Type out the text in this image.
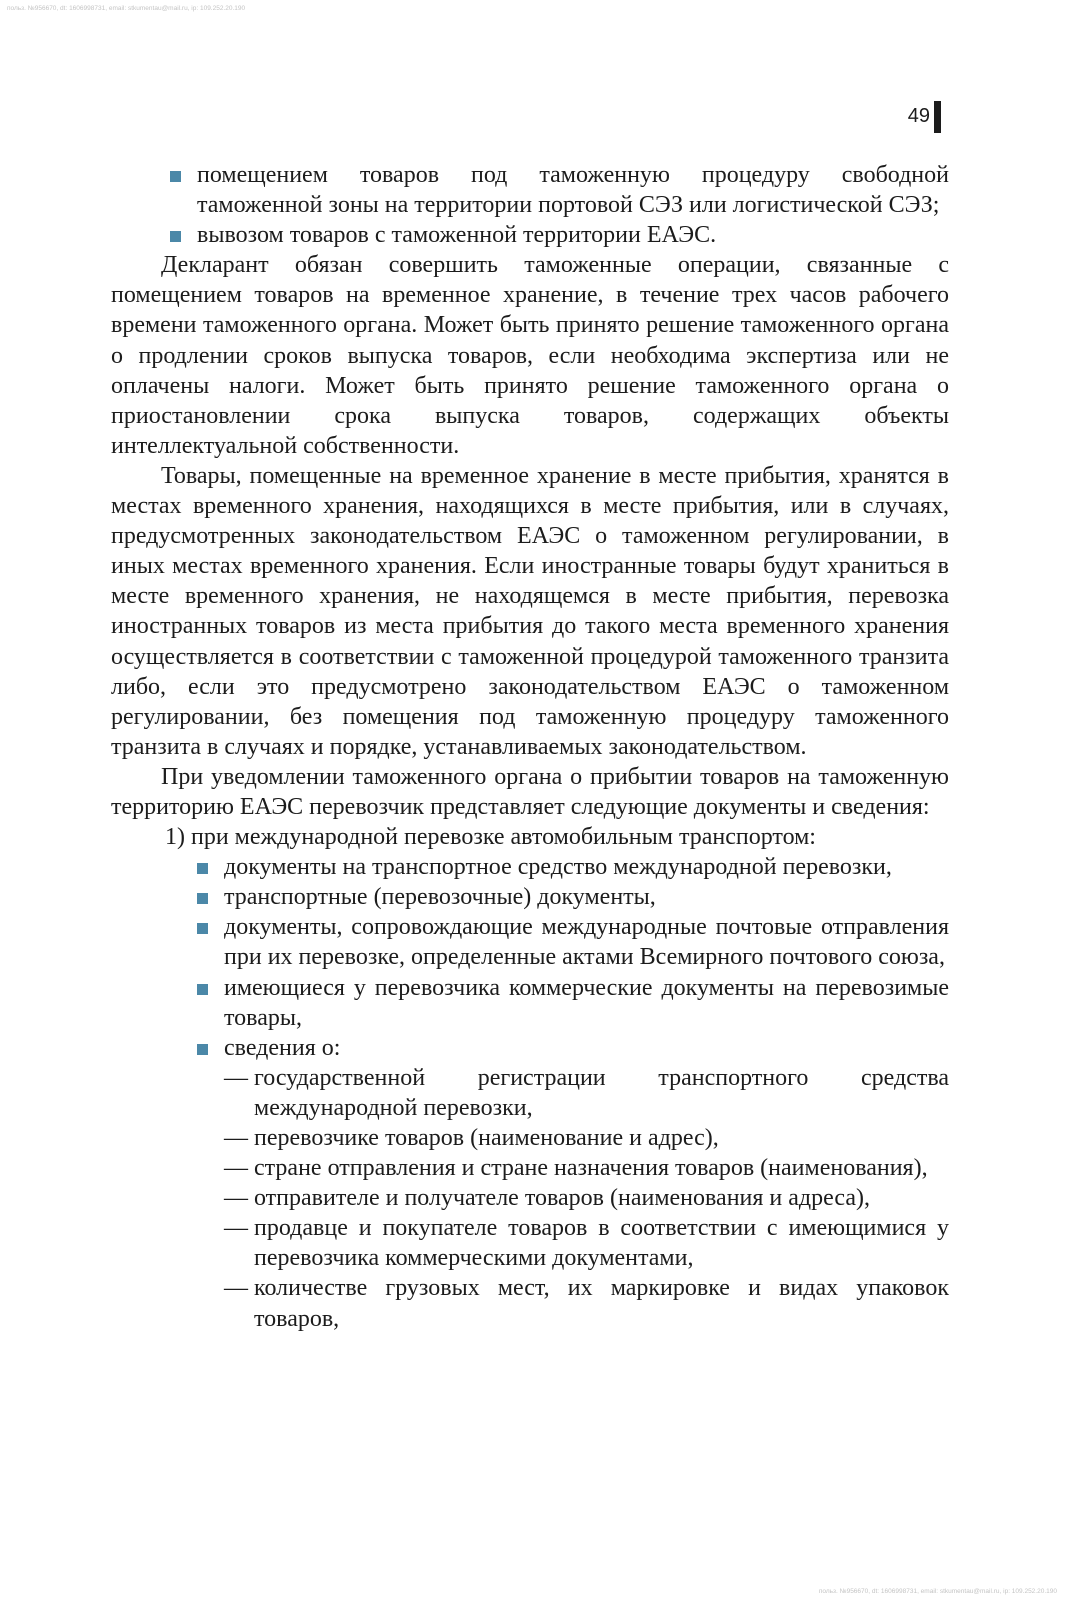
польз. №956670, dt: 1606998731, email: stkumentau@mail.ru, ip: 109.252.20.190
49
помещением товаров под таможенную процедуру свободной таможенной зоны на территории портовой СЭЗ или логистической СЭЗ;
вывозом товаров с таможенной территории ЕАЭС.

Декларант обязан совершить таможенные операции, связанные с помещением товаров на временное хранение, в течение трех часов рабочего времени таможенного органа. Может быть принято решение таможенного органа о продлении сроков выпуска товаров, если необходима экспертиза или не оплачены налоги. Может быть принято решение таможенного органа о приостановлении срока выпуска товаров, содержащих объекты интеллектуальной собственности.

Товары, помещенные на временное хранение в месте прибытия, хранятся в местах временного хранения, находящихся в месте прибытия, или в случаях, предусмотренных законодательством ЕАЭС о таможенном регулировании, в иных местах временного хранения. Если иностранные товары будут храниться в месте временного хранения, не находящемся в месте прибытия, перевозка иностранных товаров из места прибытия до такого места временного хранения осуществляется в соответствии с таможенной процедурой таможенного транзита либо, если это предусмотрено законодательством ЕАЭС о таможенном регулировании, без помещения под таможенную процедуру таможенного транзита в случаях и порядке, устанавливаемых законодательством.

При уведомлении таможенного органа о прибытии товаров на таможенную территорию ЕАЭС перевозчик представляет следующие документы и сведения:

1) при международной перевозке автомобильным транспортом:
документы на транспортное средство международной перевозки,
транспортные (перевозочные) документы,
документы, сопровождающие международные почтовые отправления при их перевозке, определенные актами Всемирного почтового союза,
имеющиеся у перевозчика коммерческие документы на перевозимые товары,
сведения о:
— государственной регистрации транспортного средства международной перевозки,
— перевозчике товаров (наименование и адрес),
— стране отправления и стране назначения товаров (наименования),
— отправителе и получателе товаров (наименования и адреса),
— продавце и покупателе товаров в соответствии с имеющимися у перевозчика коммерческими документами,
— количестве грузовых мест, их маркировке и видах упаковок товаров,
польз. №956670, dt: 1606998731, email: stkumentau@mail.ru, ip: 109.252.20.190
